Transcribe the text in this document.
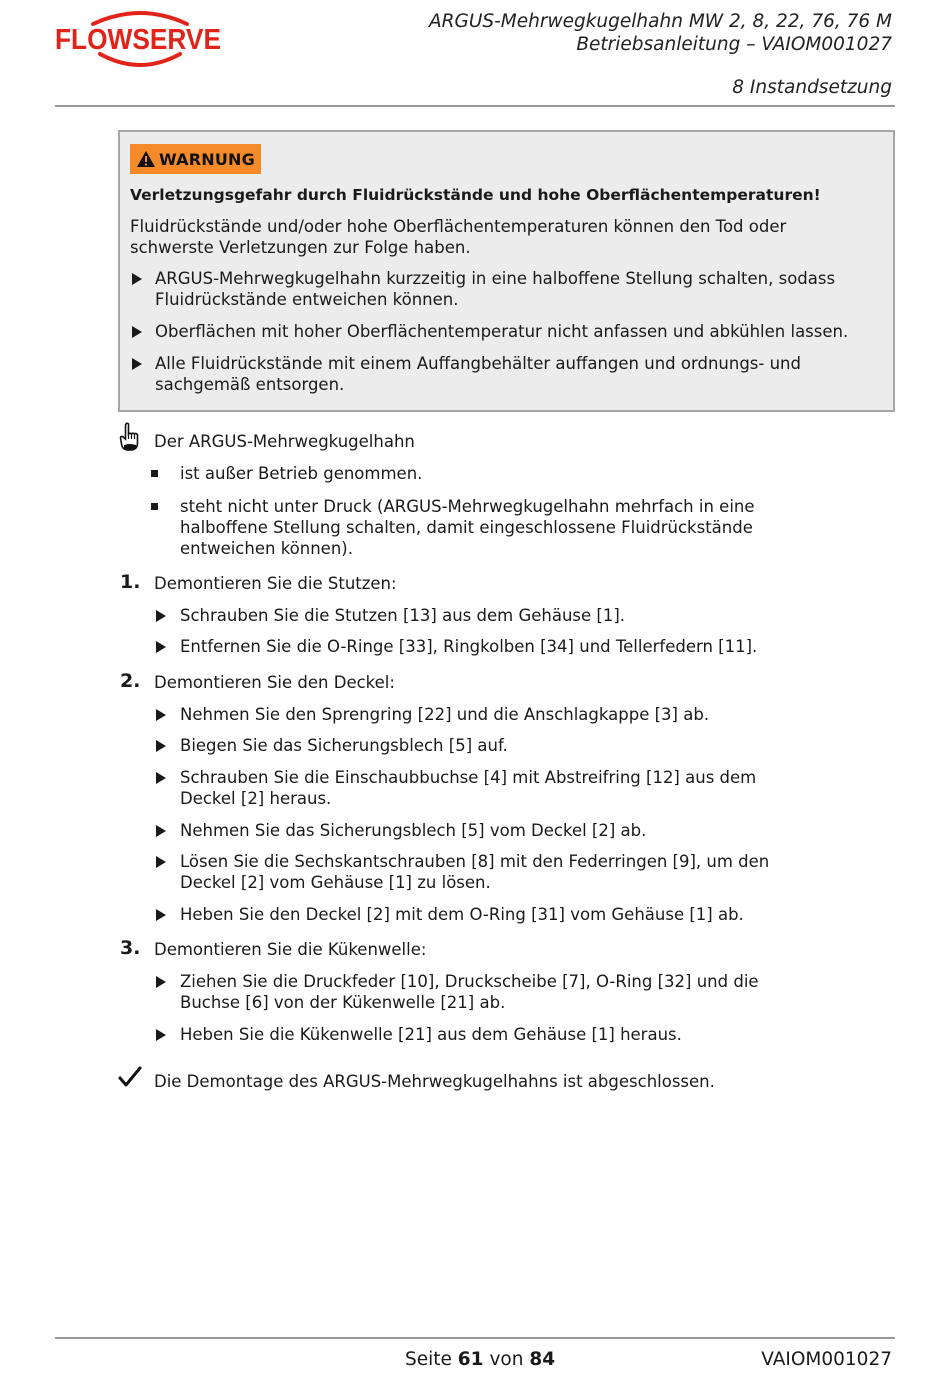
FLOWSERVE
ARGUS-Mehrwegkugelhahn MW 2, 8, 22, 76, 76 M
Betriebsanleitung – VAIOM001027
8 Instandsetzung
WARNUNG
Verletzungsgefahr durch Fluidrückstände und hohe Oberflächentemperaturen!
Fluidrückstände und/oder hohe Oberflächentemperaturen können den Tod oder
schwerste Verletzungen zur Folge haben.
ARGUS-Mehrwegkugelhahn kurzzeitig in eine halboffene Stellung schalten, sodass
Fluidrückstände entweichen können.
Oberflächen mit hoher Oberflächentemperatur nicht anfassen und abkühlen lassen.
Alle Fluidrückstände mit einem Auffangbehälter auffangen und ordnungs- und
sachgemäß entsorgen.
Der ARGUS-Mehrwegkugelhahn
ist außer Betrieb genommen.
steht nicht unter Druck (ARGUS-Mehrwegkugelhahn mehrfach in eine
halboffene Stellung schalten, damit eingeschlossene Fluidrückstände
entweichen können).
1. Demontieren Sie die Stutzen:
Schrauben Sie die Stutzen [13] aus dem Gehäuse [1].
Entfernen Sie die O-Ringe [33], Ringkolben [34] und Tellerfedern [11].
2. Demontieren Sie den Deckel:
Nehmen Sie den Sprengring [22] und die Anschlagkappe [3] ab.
Biegen Sie das Sicherungsblech [5] auf.
Schrauben Sie die Einschaubbuchse [4] mit Abstreifring [12] aus dem
Deckel [2] heraus.
Nehmen Sie das Sicherungsblech [5] vom Deckel [2] ab.
Lösen Sie die Sechskantschrauben [8] mit den Federringen [9], um den
Deckel [2] vom Gehäuse [1] zu lösen.
Heben Sie den Deckel [2] mit dem O-Ring [31] vom Gehäuse [1] ab.
3. Demontieren Sie die Kükenwelle:
Ziehen Sie die Druckfeder [10], Druckscheibe [7], O-Ring [32] und die
Buchse [6] von der Kükenwelle [21] ab.
Heben Sie die Kükenwelle [21] aus dem Gehäuse [1] heraus.
Die Demontage des ARGUS-Mehrwegkugelhahns ist abgeschlossen.
Seite 61 von 84	VAIOM001027
